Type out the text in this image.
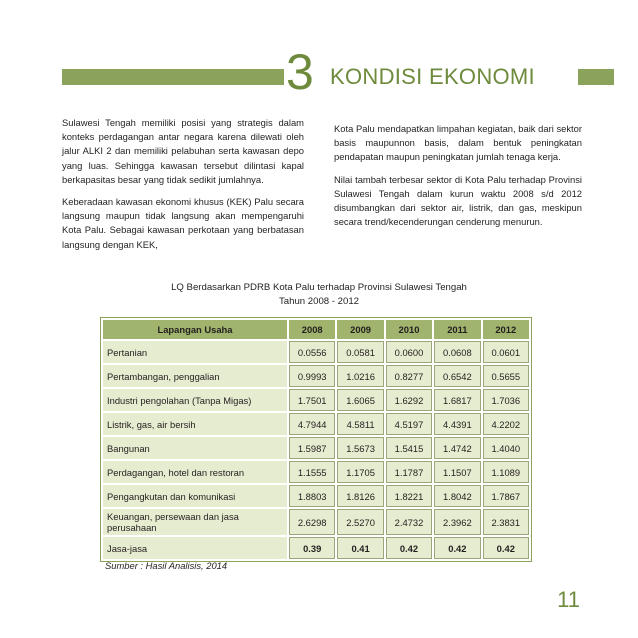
3 KONDISI EKONOMI

Sulawesi Tengah memiliki posisi yang strategis dalam konteks perdagangan antar negara karena dilewati oleh jalur ALKI 2 dan memiliki pelabuhan serta kawasan depo yang luas. Sehingga kawasan tersebut dilintasi kapal berkapasitas besar yang tidak sedikit jumlahnya.

Keberadaan kawasan ekonomi khusus (KEK) Palu secara langsung maupun tidak langsung akan mempengaruhi Kota Palu. Sebagai kawasan perkotaan yang berbatasan langsung dengan KEK,

Kota Palu mendapatkan limpahan kegiatan, baik dari sektor basis maupunnon basis, dalam bentuk peningkatan pendapatan maupun peningkatan jumlah tenaga kerja.

Nilai tambah terbesar sektor di Kota Palu terhadap Provinsi Sulawesi Tengah dalam kurun waktu 2008 s/d 2012 disumbangkan dari sektor air, listrik, dan gas, meskipun secara trend/kecenderungan cenderung menurun.

LQ Berdasarkan PDRB Kota Palu terhadap Provinsi Sulawesi Tengah
Tahun 2008 - 2012
Lapangan Usaha	2008	2009	2010	2011	2012
Pertanian	0.0556	0.0581	0.0600	0.0608	0.0601
Pertambangan, penggalian	0.9993	1.0216	0.8277	0.6542	0.5655
Industri pengolahan (Tanpa Migas)	1.7501	1.6065	1.6292	1.6817	1.7036
Listrik, gas, air bersih	4.7944	4.5811	4.5197	4.4391	4.2202
Bangunan	1.5987	1.5673	1.5415	1.4742	1.4040
Perdagangan, hotel dan restoran	1.1555	1.1705	1.1787	1.1507	1.1089
Pengangkutan dan komunikasi	1.8803	1.8126	1.8221	1.8042	1.7867
Keuangan, persewaan dan jasa perusahaan	2.6298	2.5270	2.4732	2.3962	2.3831
Jasa-jasa	0.39	0.41	0.42	0.42	0.42
Sumber : Hasil Analisis, 2014
11
